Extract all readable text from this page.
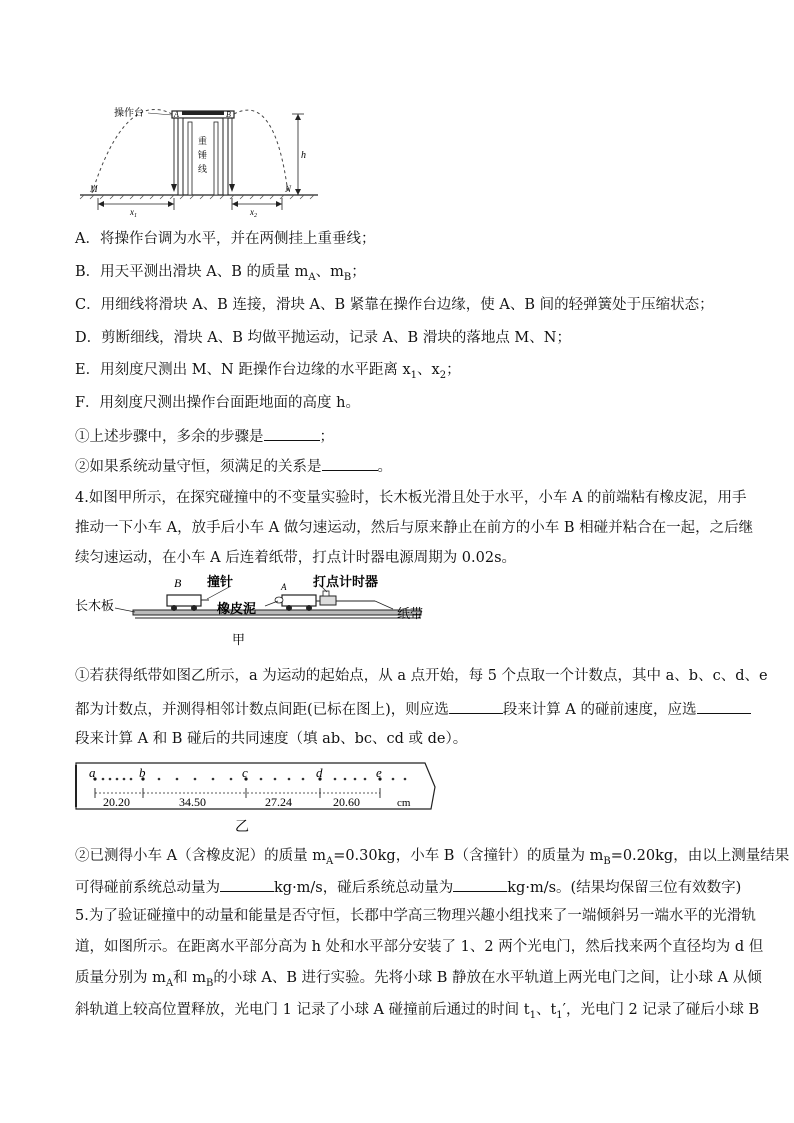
操作台	A	B
重
锤
线
h
M	N
$x_1$	$x_2$
A．将操作台调为水平，并在两侧挂上重垂线；
B．用天平测出滑块 A、B 的质量 $m_A$、$m_B$；
C．用细线将滑块 A、B 连接，滑块 A、B 紧靠在操作台边缘，使 A、B 间的轻弹簧处于压缩状态；
D．剪断细线，滑块 A、B 均做平抛运动，记录 A、B 滑块的落地点 M、N；
E．用刻度尺测出 M、N 距操作台边缘的水平距离 $x_1$、$x_2$；
F．用刻度尺测出操作台面距地面的高度 h。
①上述步骤中，多余的步骤是	；
②如果系统动量守恒，须满足的关系是	。
4.如图甲所示，在探究碰撞中的不变量实验时，长木板光滑且处于水平，小车 A 的前端粘有橡皮泥，用手
推动一下小车 A，放手后小车 A 做匀速运动，然后与原来静止在前方的小车 B 相碰并粘合在一起，之后继
续匀速运动，在小车 A 后连着纸带，打点计时器电源周期为 0.02s。
长木板
B	A
撞针
橡皮泥
打点计时器
纸带
甲
①若获得纸带如图乙所示，a 为运动的起始点，从 a 点开始，每 5 个点取一个计数点，其中 a、b、c、d、e
都为计数点，并测得相邻计数点间距(已标在图上)，则应选	段来计算 A 的碰前速度，应选
段来计算 A 和 B 碰后的共同速度（填 ab、bc、cd 或 de）。
a	b	c	d	e
20.20	34.50	27.24	20.60	cm
乙
②已测得小车 A（含橡皮泥）的质量 $m_A=0.30kg$，小车 B（含撞针）的质量为 $m_B=0.20kg$，由以上测量结果
可得碰前系统总动量为	kg·m/s，碰后系统总动量为	kg·m/s。(结果均保留三位有效数字)
5.为了验证碰撞中的动量和能量是否守恒，长郡中学高三物理兴趣小组找来了一端倾斜另一端水平的光滑轨
道，如图所示。在距离水平部分高为 h 处和水平部分安装了 1、2 两个光电门，然后找来两个直径均为 d 但
质量分别为 $m_A$和 $m_B$的小球 A、B 进行实验。先将小球 B 静放在水平轨道上两光电门之间，让小球 A 从倾
斜轨道上较高位置释放，光电门 1 记录了小球 A 碰撞前后通过的时间 $t_1$、$t_1'$，光电门 2 记录了碰后小球 B
